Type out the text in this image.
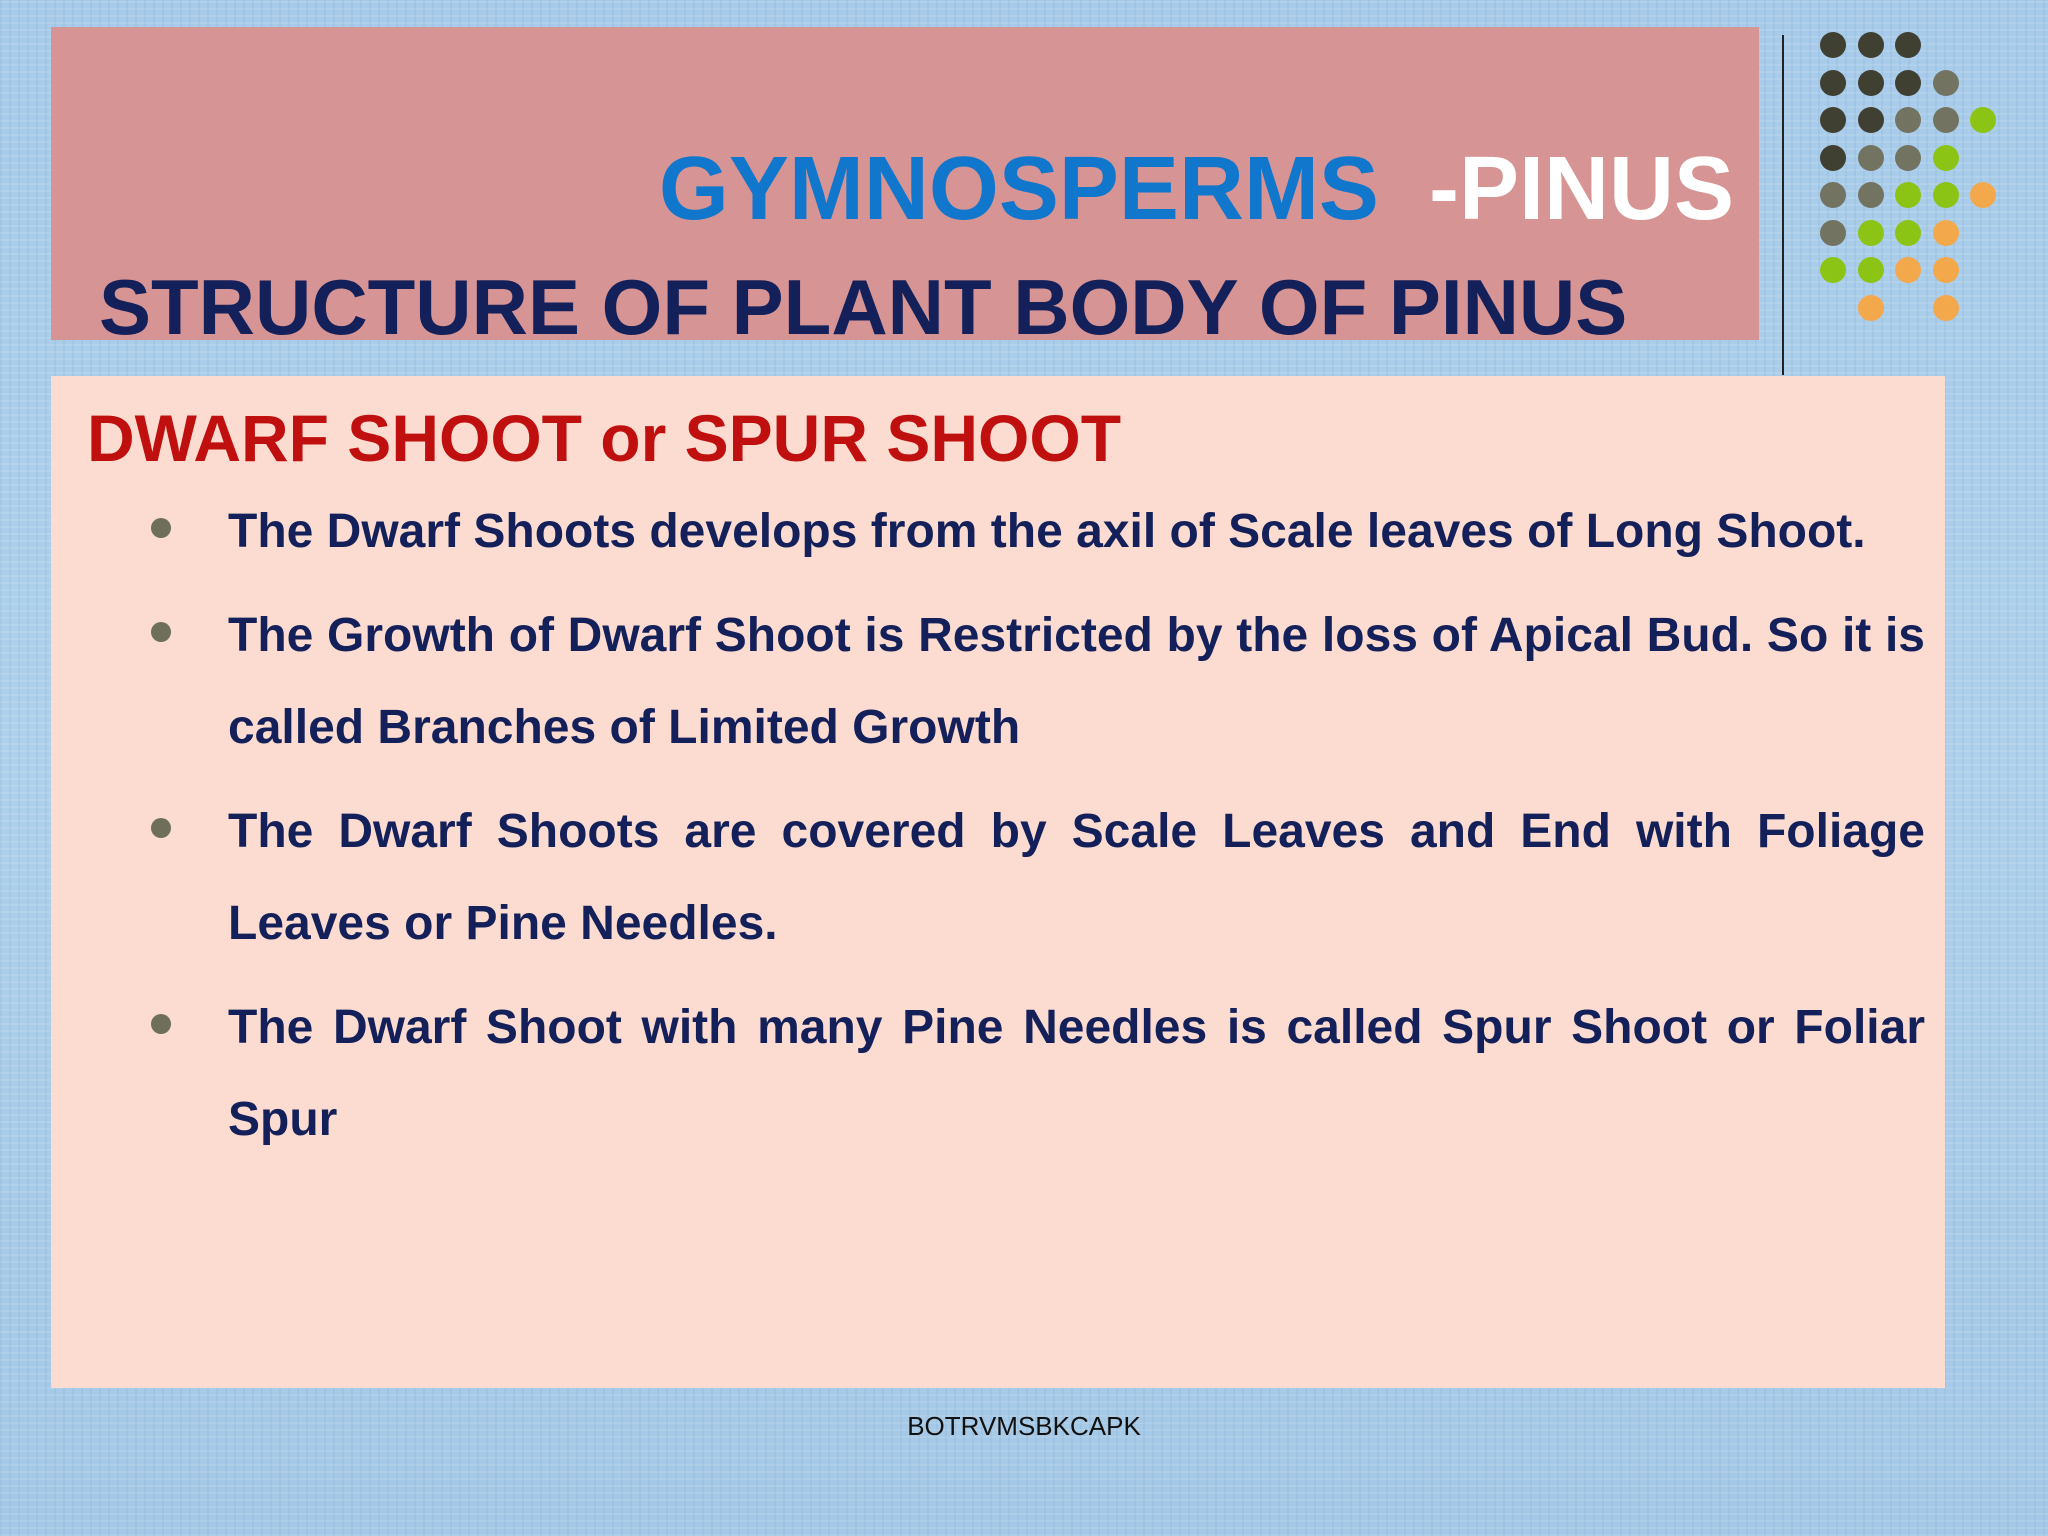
GYMNOSPERMS -PINUS
STRUCTURE OF PLANT BODY OF PINUS
DWARF SHOOT or SPUR SHOOT
The Dwarf Shoots develops from the axil of Scale leaves of Long Shoot.
The Growth of Dwarf Shoot is Restricted by the loss of Apical Bud. So it is called Branches of Limited Growth
The Dwarf Shoots are covered by Scale Leaves and End with Foliage Leaves or Pine Needles.
The Dwarf Shoot with many Pine Needles is called Spur Shoot or Foliar Spur
BOTRVMSBKCAPK
